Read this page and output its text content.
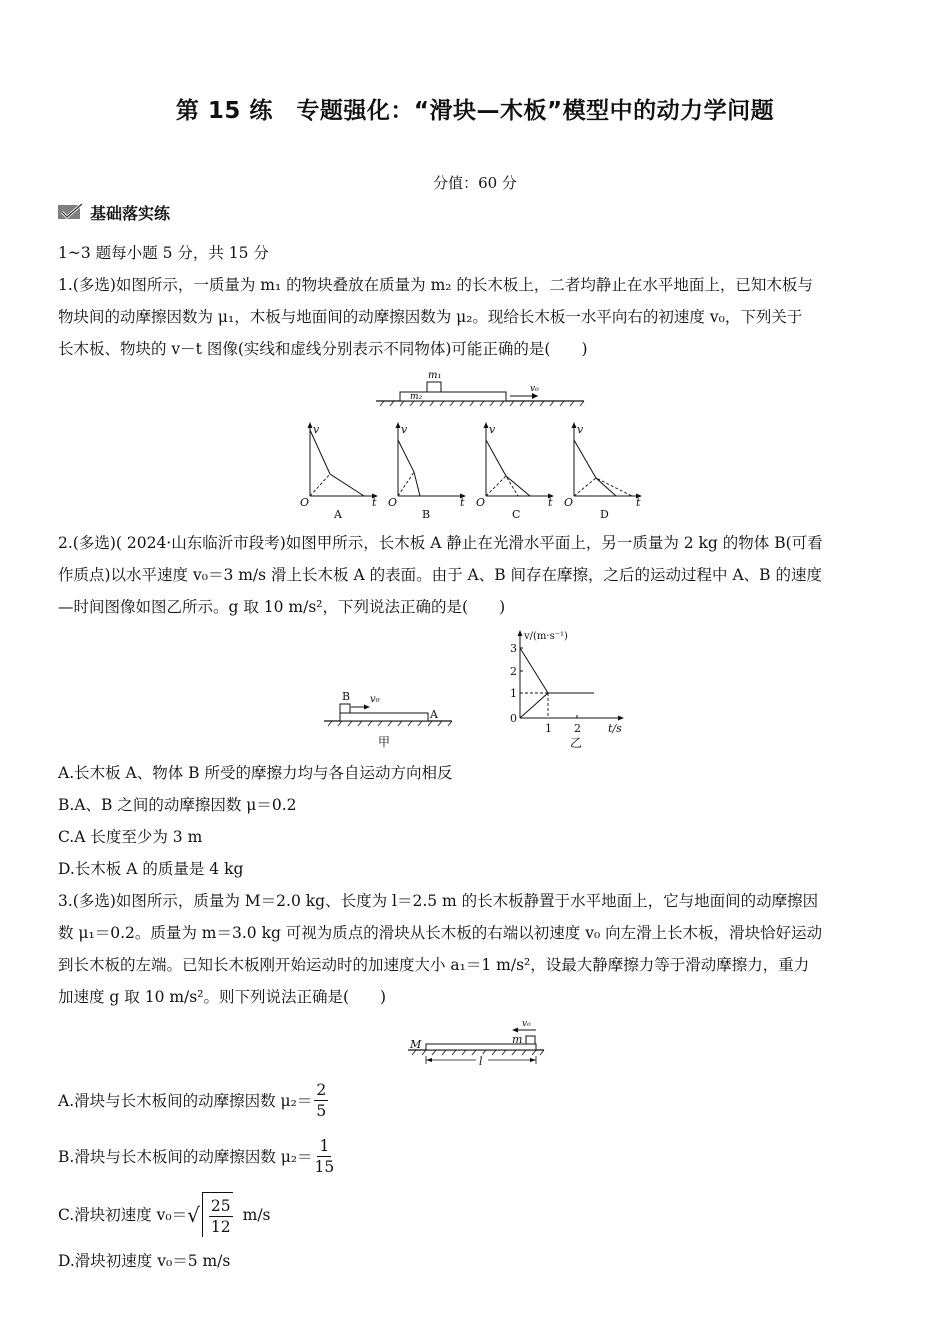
第 15 练　专题强化：“滑块—木板”模型中的动力学问题
分值：60 分
基础落实练
1~3 题每小题 5 分，共 15 分
1.(多选)如图所示，一质量为 m₁ 的物块叠放在质量为 m₂ 的长木板上，二者均静止在水平地面上，已知木板与
物块间的动摩擦因数为 μ₁，木板与地面间的动摩擦因数为 μ₂。现给长木板一水平向右的初速度 v₀，下列关于
长木板、物块的 v－t 图像(实线和虚线分别表示不同物体)可能正确的是(　　)
m₁
m₂
v₀
v
O	t
A
v
O	t
B
v
O	t
C
v
O	t
D
2.(多选)( 2024·山东临沂市段考)如图甲所示，长木板 A 静止在光滑水平面上，另一质量为 2 kg 的物体 B(可看
作质点)以水平速度 v₀＝3 m/s 滑上长木板 A 的表面。由于 A、B 间存在摩擦，之后的运动过程中 A、B 的速度
—时间图像如图乙所示。g 取 10 m/s²，下列说法正确的是(　　)
B
A
v₀
甲
v/(m·s⁻¹)
3
2
1
0
1 2 t/s
乙
A.长木板 A、物体 B 所受的摩擦力均与各自运动方向相反
B.A、B 之间的动摩擦因数 μ＝0.2
C.A 长度至少为 3 m
D.长木板 A 的质量是 4 kg
3.(多选)如图所示，质量为 M＝2.0 kg、长度为 l＝2.5 m 的长木板静置于水平地面上，它与地面间的动摩擦因
数 μ₁＝0.2。质量为 m＝3.0 kg 可视为质点的滑块从长木板的右端以初速度 v₀ 向左滑上长木板，滑块恰好运动
到长木板的左端。已知长木板刚开始运动时的加速度大小 a₁＝1 m/s²，设最大静摩擦力等于滑动摩擦力，重力
加速度 g 取 10 m/s²。则下列说法正确是(　　)
M	m
l
v₀
A.滑块与长木板间的动摩擦因数 $\mu_2= \frac{2}{5}$
B.滑块与长木板间的动摩擦因数 $\mu_2= \frac{1}{15}$
C.滑块初速度 v₀＝ √ $\frac{25}{12} m/s$
D.滑块初速度 v₀＝5 m/s
